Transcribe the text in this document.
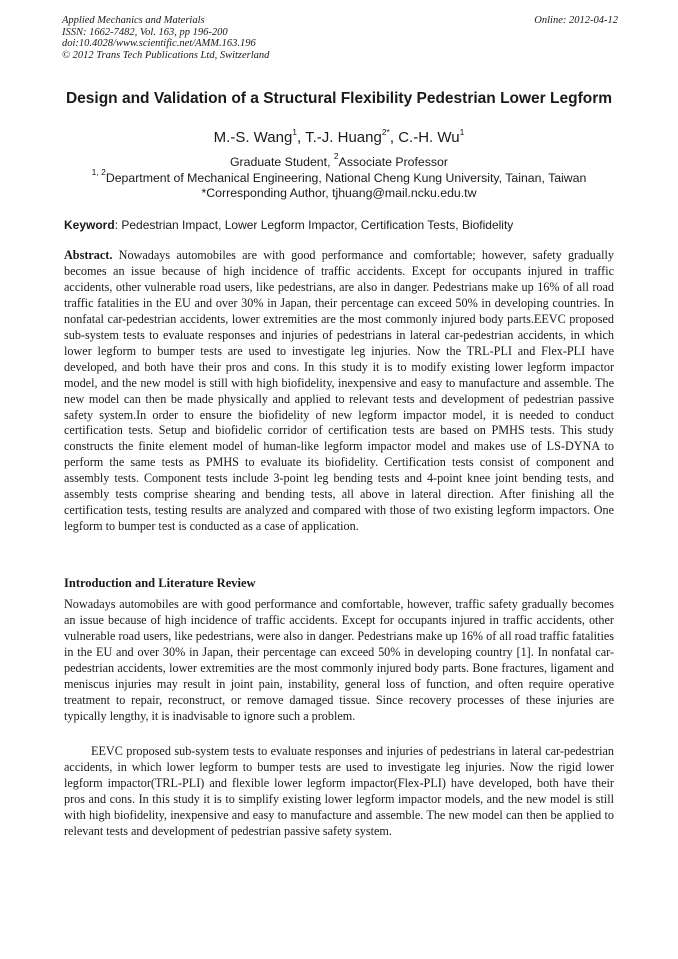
Applied Mechanics and Materials
ISSN: 1662-7482, Vol. 163, pp 196-200
doi:10.4028/www.scientific.net/AMM.163.196
© 2012 Trans Tech Publications Ltd, Switzerland
Online: 2012-04-12
Design and Validation of a Structural Flexibility Pedestrian Lower Legform
M.-S. Wang$^1$, T.-J. Huang$^{2*}$, C.-H. Wu$^1$
Graduate Student, $^2$Associate Professor
$^{1, 2}$Department of Mechanical Engineering, National Cheng Kung University, Tainan, Taiwan
*Corresponding Author, tjhuang@mail.ncku.edu.tw
Keyword: Pedestrian Impact, Lower Legform Impactor, Certification Tests, Biofidelity

Abstract. Nowadays automobiles are with good performance and comfortable; however, safety gradually becomes an issue because of high incidence of traffic accidents. Except for occupants injured in traffic accidents, other vulnerable road users, like pedestrians, are also in danger. Pedestrians make up 16% of all road traffic fatalities in the EU and over 30% in Japan, their percentage can exceed 50% in developing countries. In nonfatal car-pedestrian accidents, lower extremities are the most commonly injured body parts.EEVC proposed sub-system tests to evaluate responses and injuries of pedestrians in lateral car-pedestrian accidents, in which lower legform to bumper tests are used to investigate leg injuries. Now the TRL-PLI and Flex-PLI have developed, and both have their pros and cons. In this study it is to modify existing lower legform impactor model, and the new model is still with high biofidelity, inexpensive and easy to manufacture and assemble. The new model can then be made physically and applied to relevant tests and development of pedestrian passive safety system.In order to ensure the biofidelity of new legform impactor model, it is needed to conduct certification tests. Setup and biofidelic corridor of certification tests are based on PMHS tests. This study constructs the finite element model of human-like legform impactor model and makes use of LS-DYNA to perform the same tests as PMHS to evaluate its biofidelity. Certification tests consist of component and assembly tests. Component tests include 3-point leg bending tests and 4-point knee joint bending tests, and assembly tests comprise shearing and bending tests, all above in lateral direction. After finishing all the certification tests, testing results are analyzed and compared with those of two existing legform impactors. One legform to bumper test is conducted as a case of application.

Introduction and Literature Review

Nowadays automobiles are with good performance and comfortable, however, traffic safety gradually becomes an issue because of high incidence of traffic accidents. Except for occupants injured in traffic accidents, other vulnerable road users, like pedestrians, were also in danger. Pedestrians make up 16% of all road traffic fatalities in the EU and over 30% in Japan, their percentage can exceed 50% in developing country [1]. In nonfatal car-pedestrian accidents, lower extremities are the most commonly injured body parts. Bone fractures, ligament and meniscus injuries may result in joint pain, instability, general loss of function, and often require operative treatment to repair, reconstruct, or remove damaged tissue. Since recovery processes of these injuries are typically lengthy, it is inadvisable to ignore such a problem.

EEVC proposed sub-system tests to evaluate responses and injuries of pedestrians in lateral car-pedestrian accidents, in which lower legform to bumper tests are used to investigate leg injuries. Now the rigid lower legform impactor(TRL-PLI) and flexible lower legform impactor(Flex-PLI) have developed, both have their pros and cons. In this study it is to simplify existing lower legform impactor models, and the new model is still with high biofidelity, inexpensive and easy to manufacture and assemble. The new model can then be applied to relevant tests and development of pedestrian passive safety system.
